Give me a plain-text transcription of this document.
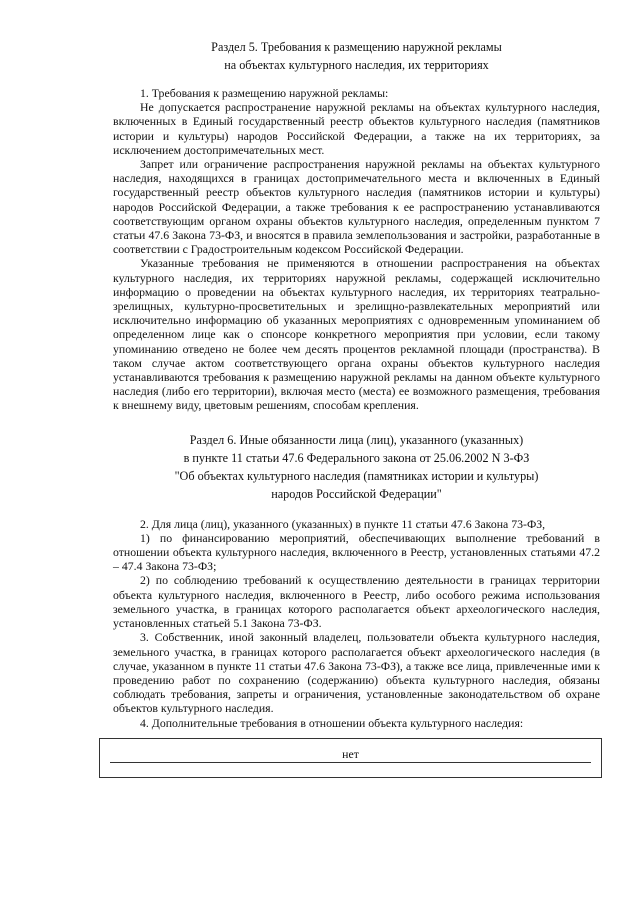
Раздел 5. Требования к размещению наружной рекламы

на объектах культурного наследия, их территориях

1. Требования к размещению наружной рекламы:

Не допускается распространение наружной рекламы на объектах культурного наследия, включенных в Единый государственный реестр объектов культурного наследия (памятников истории и культуры) народов Российской Федерации, а также на их территориях, за исключением достопримечательных мест.

Запрет или ограничение распространения наружной рекламы на объектах культурного наследия, находящихся в границах достопримечательного места и включенных в Единый государственный реестр объектов культурного наследия (памятников истории и культуры) народов Российской Федерации, а также требования к ее распространению устанавливаются соответствующим органом охраны объектов культурного наследия, определенным пунктом 7 статьи 47.6 Закона 73-ФЗ, и вносятся в правила землепользования и застройки, разработанные в соответствии с Градостроительным кодексом Российской Федерации.

Указанные требования не применяются в отношении распространения на объектах культурного наследия, их территориях наружной рекламы, содержащей исключительно информацию о проведении на объектах культурного наследия, их территориях театрально-зрелищных, культурно-просветительных и зрелищно-развлекательных мероприятий или исключительно информацию об указанных мероприятиях с одновременным упоминанием об определенном лице как о спонсоре конкретного мероприятия при условии, если такому упоминанию отведено не более чем десять процентов рекламной площади (пространства). В таком случае актом соответствующего органа охраны объектов культурного наследия устанавливаются требования к размещению наружной рекламы на данном объекте культурного наследия (либо его территории), включая место (места) ее возможного размещения, требования к внешнему виду, цветовым решениям, способам крепления.

Раздел 6. Иные обязанности лица (лиц), указанного (указанных)

в пункте 11 статьи 47.6 Федерального закона от 25.06.2002 N 3-ФЗ

"Об объектах культурного наследия (памятниках истории и культуры)

народов Российской Федерации"

2. Для лица (лиц), указанного (указанных) в пункте 11 статьи 47.6 Закона 73-ФЗ,

1) по финансированию мероприятий, обеспечивающих выполнение требований в отношении объекта культурного наследия, включенного в Реестр, установленных статьями 47.2 – 47.4 Закона 73-ФЗ;

2) по соблюдению требований к осуществлению деятельности в границах территории объекта культурного наследия, включенного в Реестр, либо особого режима использования земельного участка, в границах которого располагается объект археологического наследия, установленных статьей 5.1 Закона 73-ФЗ.

3. Собственник, иной законный владелец, пользователи объекта культурного наследия, земельного участка, в границах которого располагается объект археологического наследия (в случае, указанном в пункте 11 статьи 47.6 Закона 73-ФЗ), а также все лица, привлеченные ими к проведению работ по сохранению (содержанию) объекта культурного наследия, обязаны соблюдать требования, запреты и ограничения, установленные законодательством об охране объектов культурного наследия.

4. Дополнительные требования в отношении объекта культурного наследия:

нет
